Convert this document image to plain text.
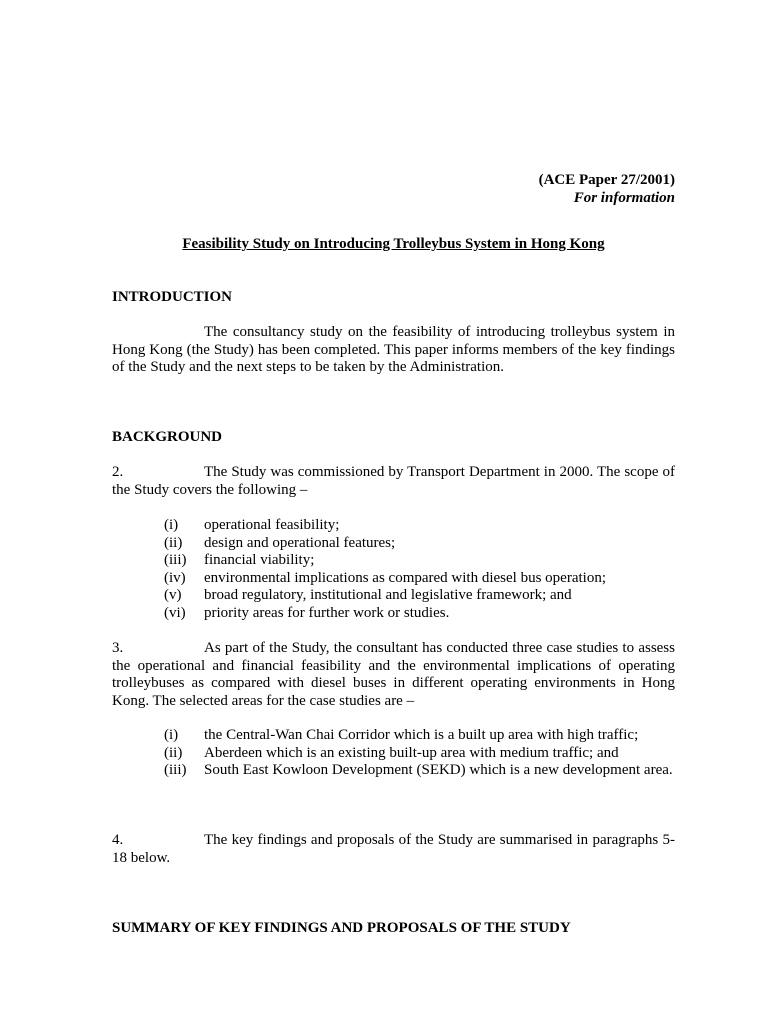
(ACE Paper 27/2001)
For information
Feasibility Study on Introducing Trolleybus System in Hong Kong
INTRODUCTION
The consultancy study on the feasibility of introducing trolleybus system in Hong Kong (the Study) has been completed. This paper informs members of the key findings of the Study and the next steps to be taken by the Administration.
BACKGROUND
2.	The Study was commissioned by Transport Department in 2000. The scope of the Study covers the following –
(i)	operational feasibility;
(ii)	design and operational features;
(iii)	financial viability;
(iv)	environmental implications as compared with diesel bus operation;
(v)	broad regulatory, institutional and legislative framework; and
(vi)	priority areas for further work or studies.
3.	As part of the Study, the consultant has conducted three case studies to assess the operational and financial feasibility and the environmental implications of operating trolleybuses as compared with diesel buses in different operating environments in Hong Kong. The selected areas for the case studies are –
(i)	the Central-Wan Chai Corridor which is a built up area with high traffic;
(ii)	Aberdeen which is an existing built-up area with medium traffic; and
(iii)	South East Kowloon Development (SEKD) which is a new development area.
4.	The key findings and proposals of the Study are summarised in paragraphs 5-18 below.
SUMMARY OF KEY FINDINGS AND PROPOSALS OF THE STUDY
